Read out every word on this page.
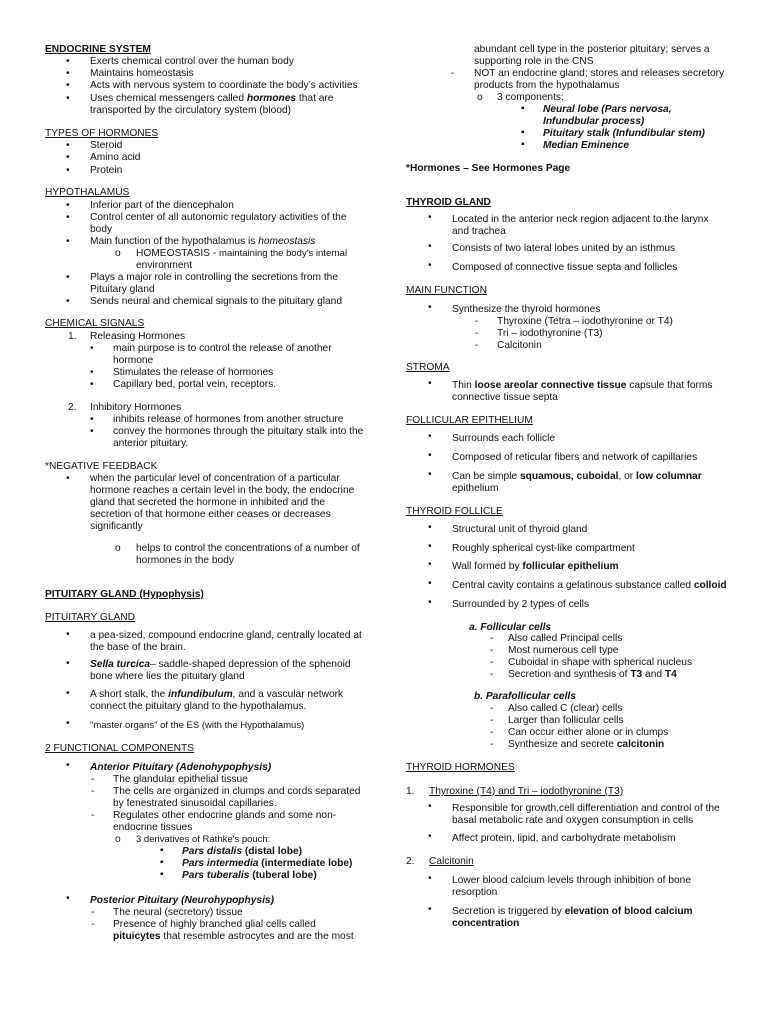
ENDOCRINE SYSTEM
• Exerts chemical control over the human body
• Maintains homeostasis
• Acts with nervous system to coordinate the body’s activities
• Uses chemical messengers called hormones that are
transported by the circulatory system (blood)
TYPES OF HORMONES
• Steroid
• Amino acid
• Protein
HYPOTHALAMUS
• Inferior part of the diencephalon
• Control center of all autonomic regulatory activities of the
body
• Main function of the hypothalamus is homeostasis
o HOMEOSTASIS - maintaining the body's internal
environment
• Plays a major role in controlling the secretions from the
Pituitary gland
• Sends neural and chemical signals to the pituitary gland
CHEMICAL SIGNALS
1. Releasing Hormones
• main purpose is to control the release of another
hormone
• Stimulates the release of hormones
• Capillary bed, portal vein, receptors.
2. Inhibitory Hormones
• inhibits release of hormones from another structure
• convey the hormones through the pituitary stalk into the
anterior pituitary.
*NEGATIVE FEEDBACK
• when the particular level of concentration of a particular
hormone reaches a certain level in the body, the endocrine
gland that secreted the hormone in inhibited and the
secretion of that hormone either ceases or decreases
significantly
o helps to control the concentrations of a number of
hormones in the body
PITUITARY GLAND (Hypophysis)
PITUITARY GLAND
• a pea-sized, compound endocrine gland, centrally located at
the base of the brain.
• Sella turcica– saddle-shaped depression of the sphenoid
bone where lies the pituitary gland
• A short stalk, the infundibulum, and a vascular network
connect the pituitary gland to the hypothalamus.
• "master organs" of the ES (with the Hypothalamus)
2 FUNCTIONAL COMPONENTS
• Anterior Pituitary (Adenohypophysis)
- The glandular epithelial tissue
- The cells are organized in clumps and cords separated
by fenestrated sinusoidal capillaries.
- Regulates other endocrine glands and some non-
endocrine tissues
o 3 derivatives of Rathke's pouch:
▪ Pars distalis (distal lobe)
▪ Pars intermedia (intermediate lobe)
▪ Pars tuberalis (tuberal lobe)
• Posterior Pituitary (Neurohypophysis)
- The neural (secretory) tissue
- Presence of highly branched glial cells called
pituicytes that resemble astrocytes and are the most
abundant cell type in the posterior pituitary; serves a
supporting role in the CNS
- NOT an endocrine gland; stores and releases secretory
products from the hypothalamus
o 3 components:
▪ Neural lobe (Pars nervosa,
Infundbular process)
▪ Pituitary stalk (Infundibular stem)
▪ Median Eminence
*Hormones – See Hormones Page
THYROID GLAND
• Located in the anterior neck region adjacent to the larynx
and trachea
• Consists of two lateral lobes united by an isthmus
• Composed of connective tissue septa and follicles
MAIN FUNCTION
• Synthesize the thyroid hormones
- Thyroxine (Tetra – iodothyronine or T4)
- Tri – iodothyronine (T3)
- Calcitonin
STROMA
• Thin loose areolar connective tissue capsule that forms
connective tissue septa
FOLLICULAR EPITHELIUM
• Surrounds each follicle
• Composed of reticular fibers and network of capillaries
• Can be simple squamous, cuboidal, or low columnar
epithelium
THYROID FOLLICLE
• Structural unit of thyroid gland
• Roughly spherical cyst-like compartment
• Wall formed by follicular epithelium
• Central cavity contains a gelatinous substance called colloid
• Surrounded by 2 types of cells
a. Follicular cells
- Also called Principal cells
- Most numerous cell type
- Cuboidal in shape with spherical nucleus
- Secretion and synthesis of T3 and T4
b. Parafollicular cells
- Also called C (clear) cells
- Larger than follicular cells
- Can occur either alone or in clumps
- Synthesize and secrete calcitonin
THYROID HORMONES
1. Thyroxine (T4) and Tri – iodothyronine (T3)
• Responsible for growth,cell differentiation and control of the
basal metabolic rate and oxygen consumption in cells
• Affect protein, lipid, and carbohydrate metabolism
2. Calcitonin
• Lower blood calcium levels through inhibition of bone
resorption
• Secretion is triggered by elevation of blood calcium
concentration
